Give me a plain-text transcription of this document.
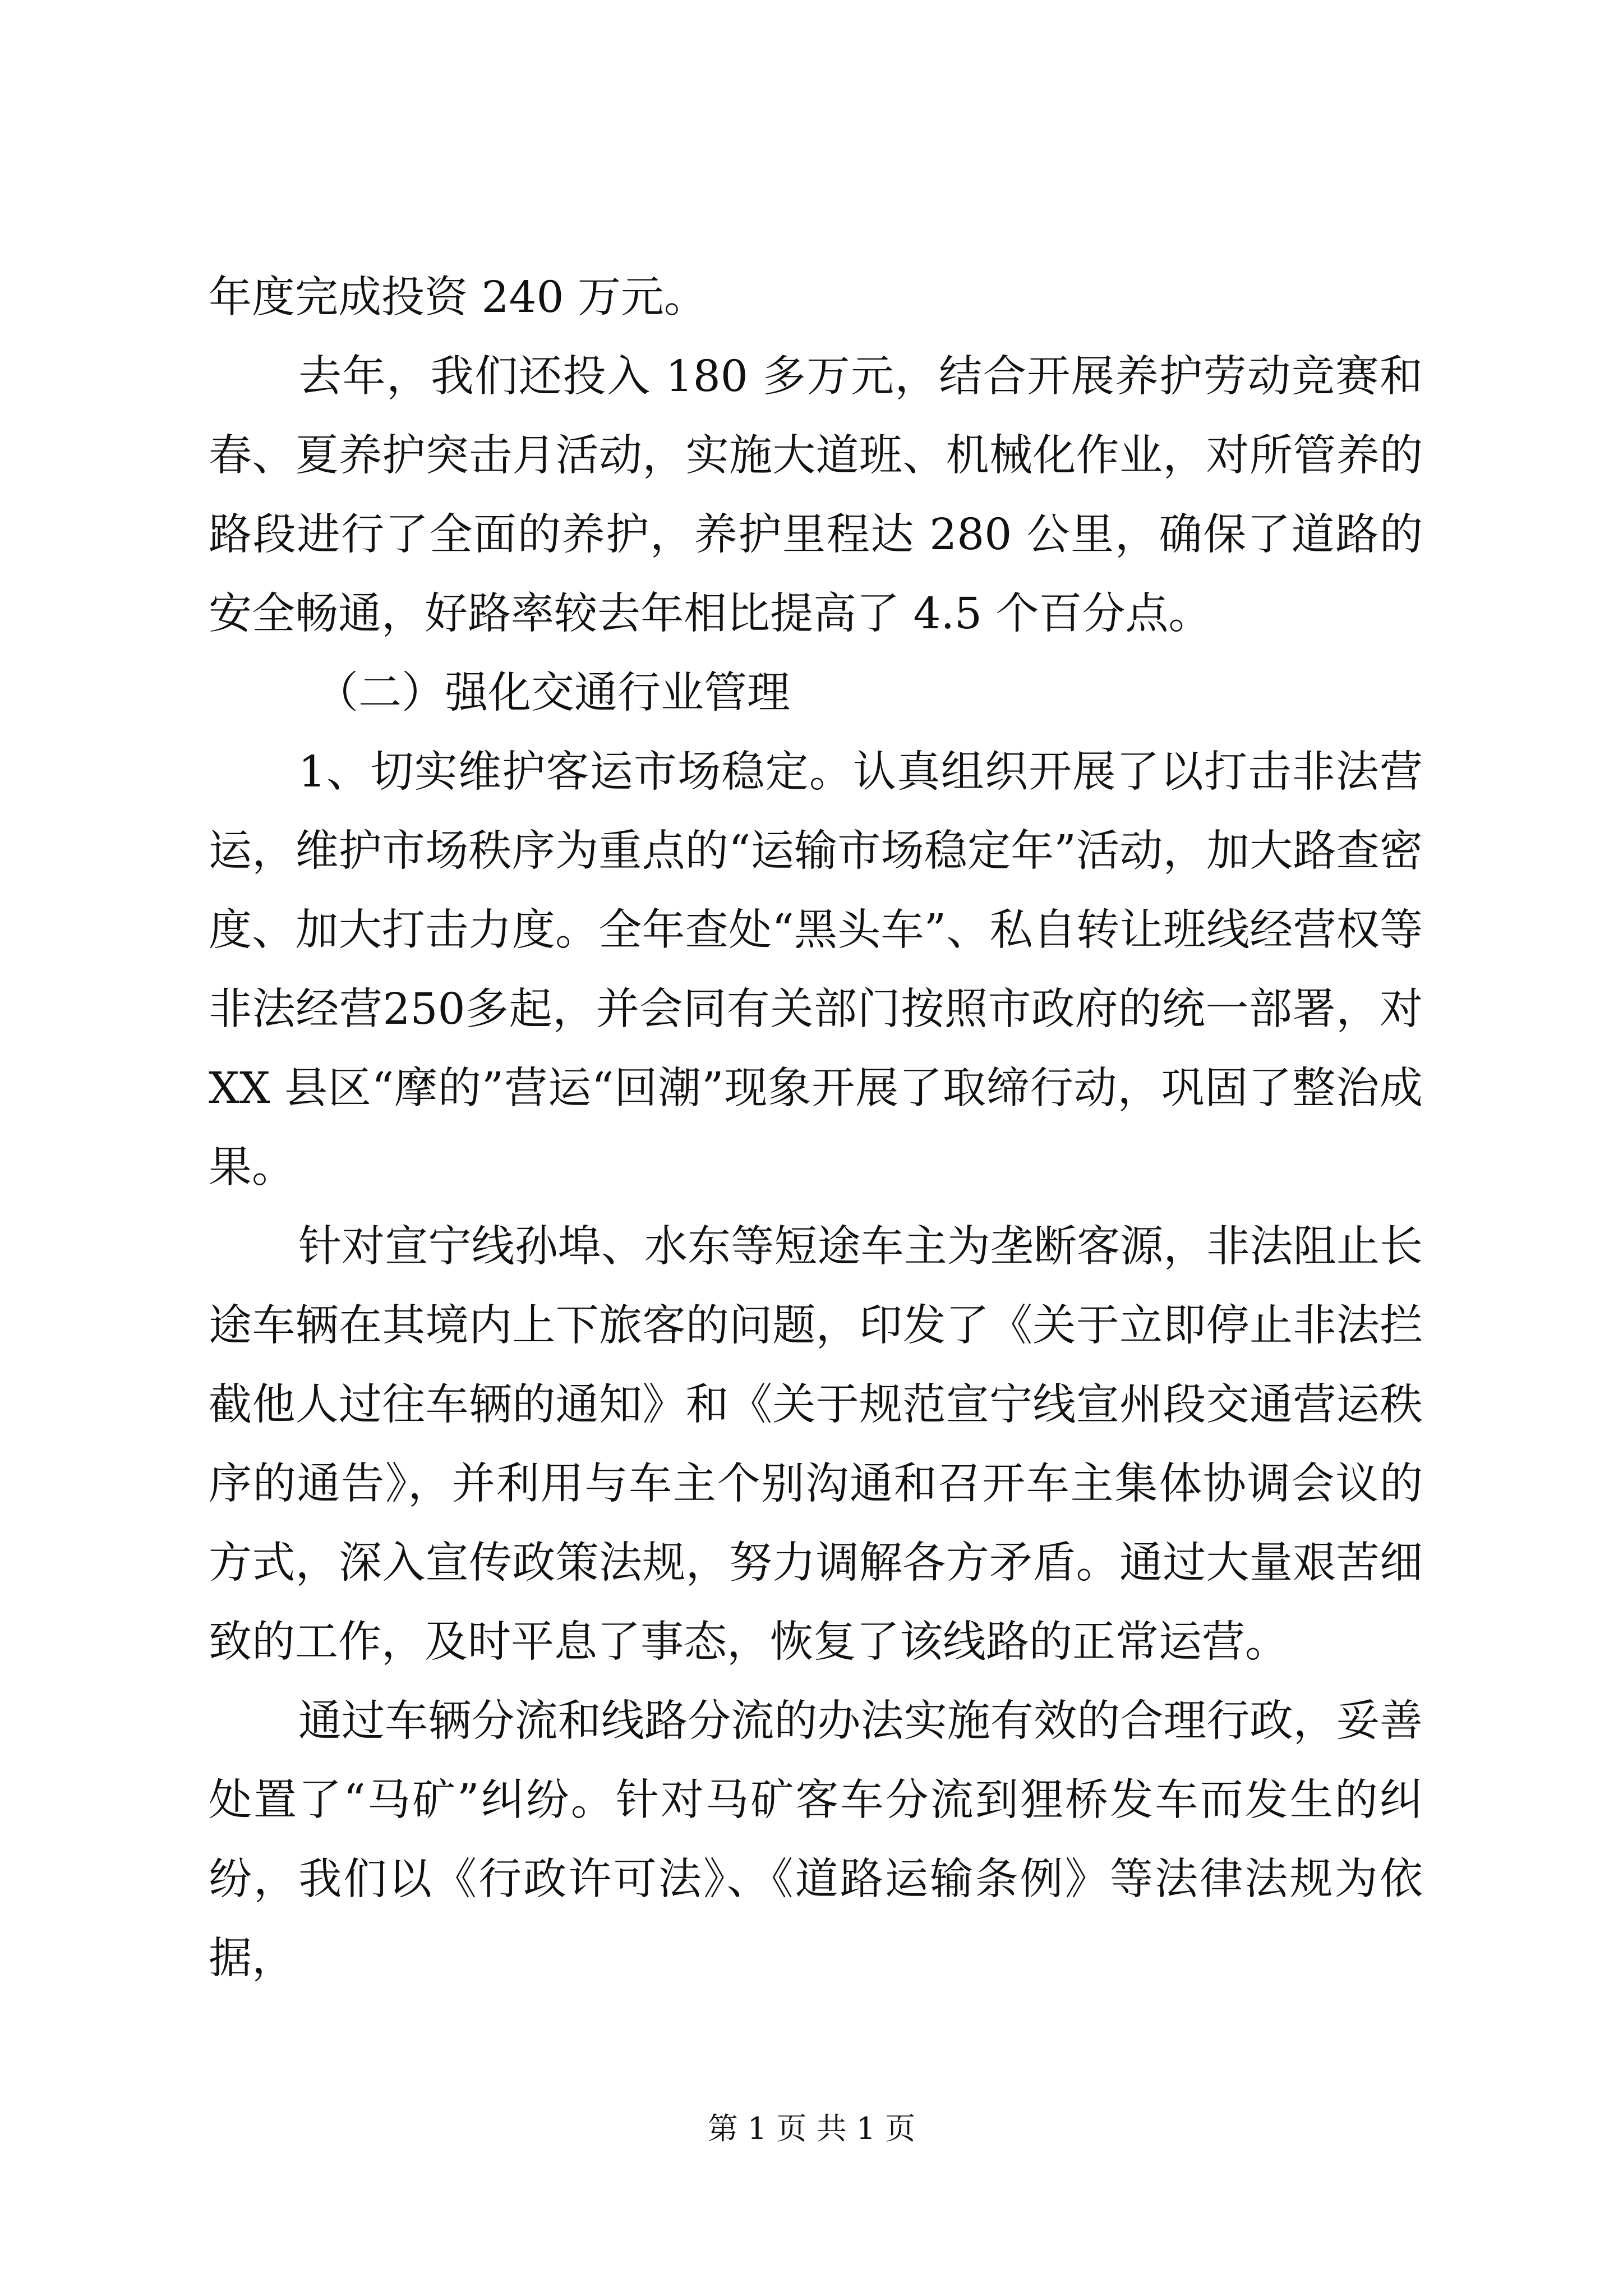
年度完成投资 240 万元。

去年，我们还投入 180 多万元，结合开展养护劳动竞赛和春、夏养护突击月活动，实施大道班、机械化作业，对所管养的路段进行了全面的养护，养护里程达 280 公里，确保了道路的安全畅通，好路率较去年相比提高了 4.5 个百分点。

（二）强化交通行业管理

1、切实维护客运市场稳定。认真组织开展了以打击非法营运，维护市场秩序为重点的“运输市场稳定年”活动，加大路查密度、加大打击力度。全年查处“黑头车”、私自转让班线经营权等非法经营250多起，并会同有关部门按照市政府的统一部署，对 XX 县区“摩的”营运“回潮”现象开展了取缔行动，巩固了整治成果。

针对宣宁线孙埠、水东等短途车主为垄断客源，非法阻止长途车辆在其境内上下旅客的问题，印发了《关于立即停止非法拦截他人过往车辆的通知》和《关于规范宣宁线宣州段交通营运秩序的通告》，并利用与车主个别沟通和召开车主集体协调会议的方式，深入宣传政策法规，努力调解各方矛盾。通过大量艰苦细致的工作，及时平息了事态，恢复了该线路的正常运营。

通过车辆分流和线路分流的办法实施有效的合理行政，妥善处置了“马矿”纠纷。针对马矿客车分流到狸桥发车而发生的纠纷，我们以《行政许可法》、《道路运输条例》等法律法规为依据，

第 1 页 共 1 页
